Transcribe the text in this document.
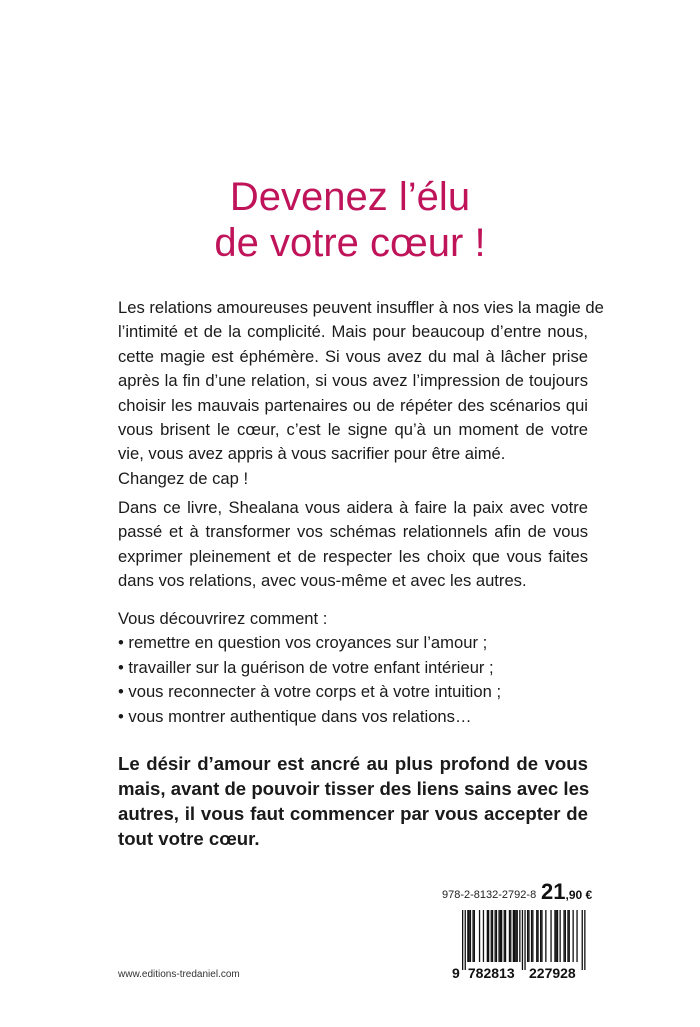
Devenez l’élu
de votre cœur !
Les relations amoureuses peuvent insuffler à nos vies la magie de
l’intimité et de la complicité. Mais pour beaucoup d’entre nous,
cette magie est éphémère. Si vous avez du mal à lâcher prise
après la fin d’une relation, si vous avez l’impression de toujours
choisir les mauvais partenaires ou de répéter des scénarios qui
vous brisent le cœur, c’est le signe qu’à un moment de votre
vie, vous avez appris à vous sacrifier pour être aimé.
Changez de cap !
Dans ce livre, Shealana vous aidera à faire la paix avec votre
passé et à transformer vos schémas relationnels afin de vous
exprimer pleinement et de respecter les choix que vous faites
dans vos relations, avec vous-même et avec les autres.
Vous découvrirez comment :
• remettre en question vos croyances sur l’amour ;
• travailler sur la guérison de votre enfant intérieur ;
• vous reconnecter à votre corps et à votre intuition ;
• vous montrer authentique dans vos relations…
Le désir d’amour est ancré au plus profond de vous
mais, avant de pouvoir tisser des liens sains avec les
autres, il vous faut commencer par vous accepter de
tout votre cœur.
978-2-8132-2792-8 21,90 €
9 782813 227928
www.editions-tredaniel.com
